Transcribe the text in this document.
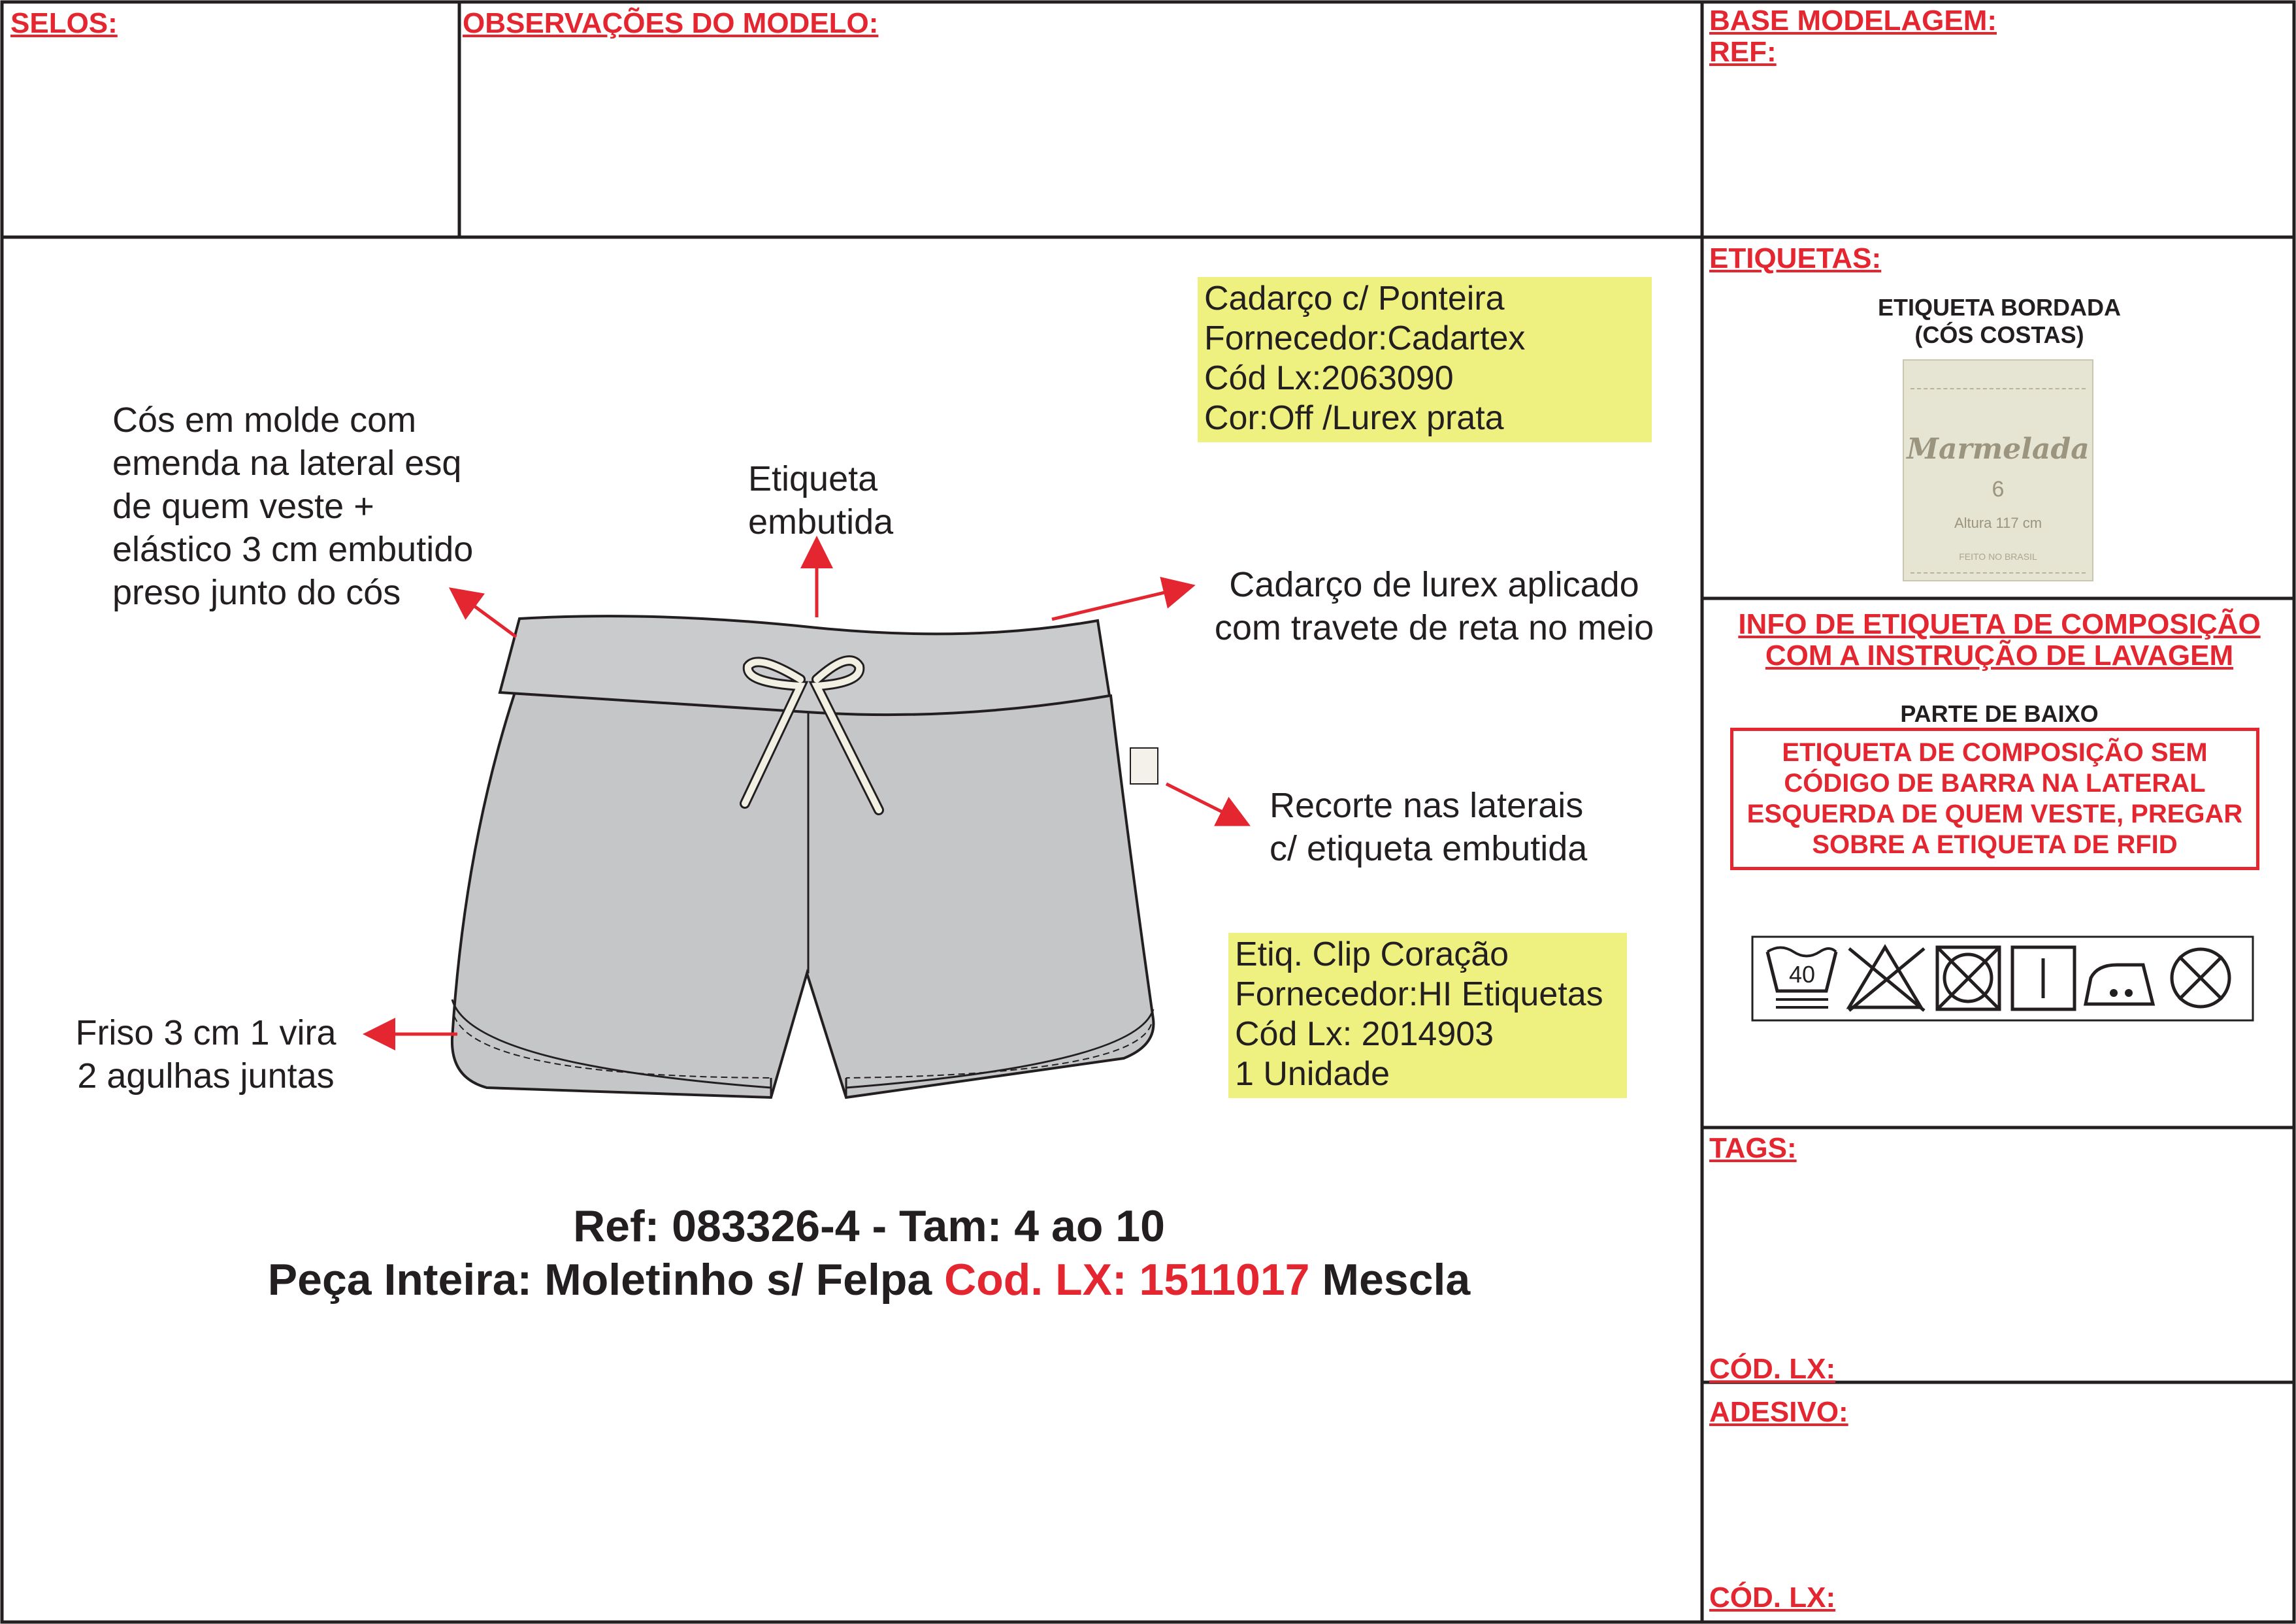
SELOS:	OBSERVAÇÕES DO MODELO:	BASE MODELAGEM:
REF:
Cadarço c/ Ponteira
Fornecedor:Cadartex
Cód Lx:2063090
Cor:Off /Lurex prata
Etiq. Clip Coração
Fornecedor:HI Etiquetas
Cód Lx: 2014903
1 Unidade
Cós em molde com
emenda na lateral esq
de quem veste +
elástico 3 cm embutido
preso junto do cós
Etiqueta
embutida
Cadarço de lurex aplicado
com travete de reta no meio
Recorte nas laterais
c/ etiqueta embutida
Friso 3 cm 1 vira
2 agulhas juntas
Ref: 083326-4 - Tam: 4 ao 10
Peça Inteira: Moletinho s/ Felpa Cod. LX: 1511017 Mescla
ETIQUETAS:
ETIQUETA BORDADA
(CÓS COSTAS)
Marmelada
6
Altura 117 cm
FEITO NO BRASIL
INFO DE ETIQUETA DE COMPOSIÇÃO
COM A INSTRUÇÃO DE LAVAGEM
PARTE DE BAIXO
ETIQUETA DE COMPOSIÇÃO SEM
CÓDIGO DE BARRA NA LATERAL
ESQUERDA DE QUEM VESTE, PREGAR
SOBRE A ETIQUETA DE RFID
40
TAGS:
CÓD. LX:
ADESIVO:
CÓD. LX:
